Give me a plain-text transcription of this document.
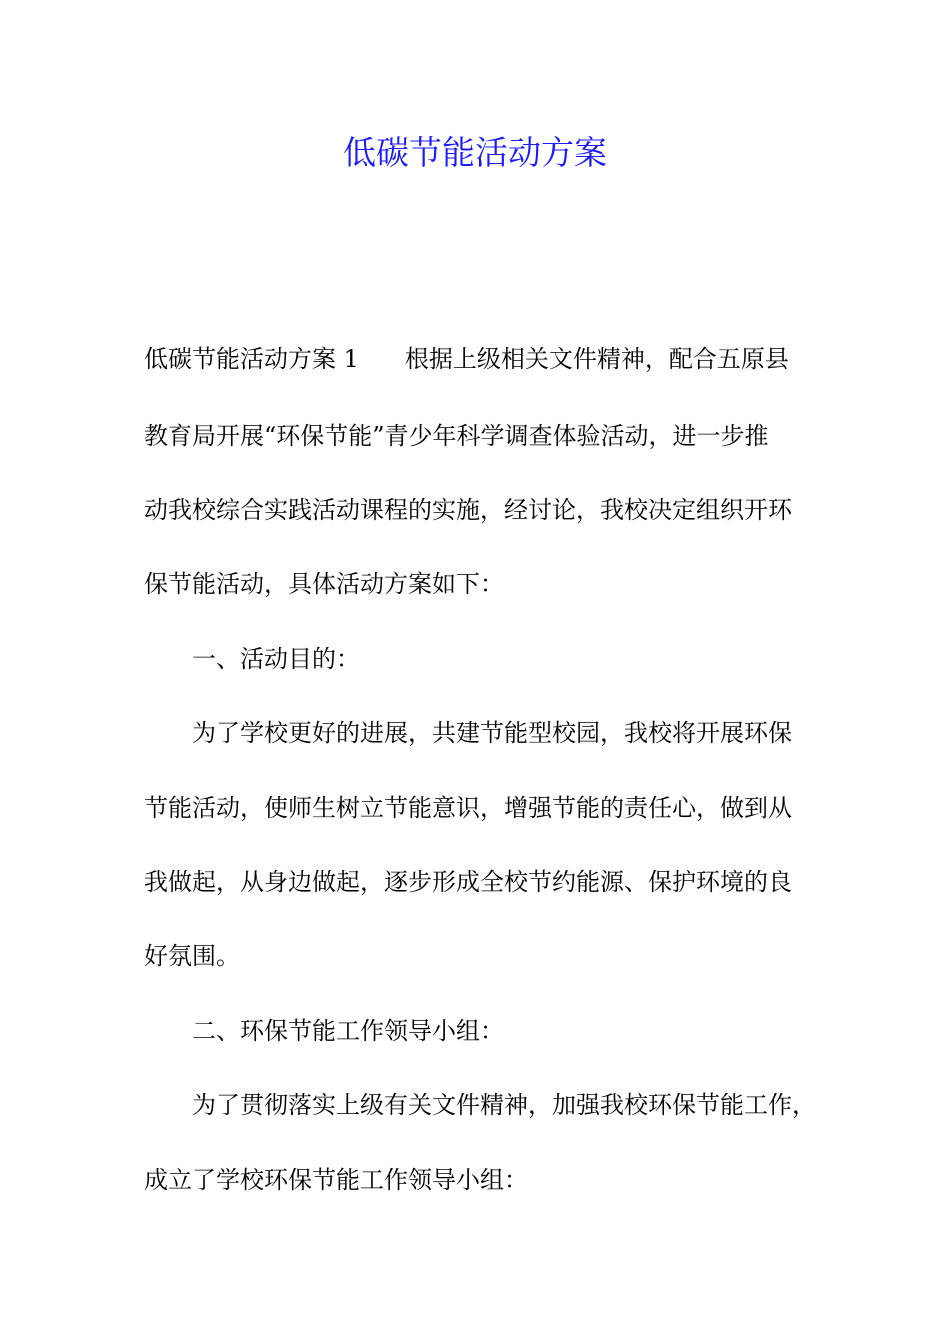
低碳节能活动方案
低碳节能活动方案 1 根据上级相关文件精神，配合五原县
教育局开展“环保节能”青少年科学调查体验活动，进一步推
动我校综合实践活动课程的实施，经讨论，我校决定组织开环
保节能活动，具体活动方案如下：
一、活动目的：
为了学校更好的进展，共建节能型校园，我校将开展环保
节能活动，使师生树立节能意识，增强节能的责任心，做到从
我做起，从身边做起，逐步形成全校节约能源、保护环境的良
好氛围。
二、环保节能工作领导小组：
为了贯彻落实上级有关文件精神，加强我校环保节能工作，
成立了学校环保节能工作领导小组：
